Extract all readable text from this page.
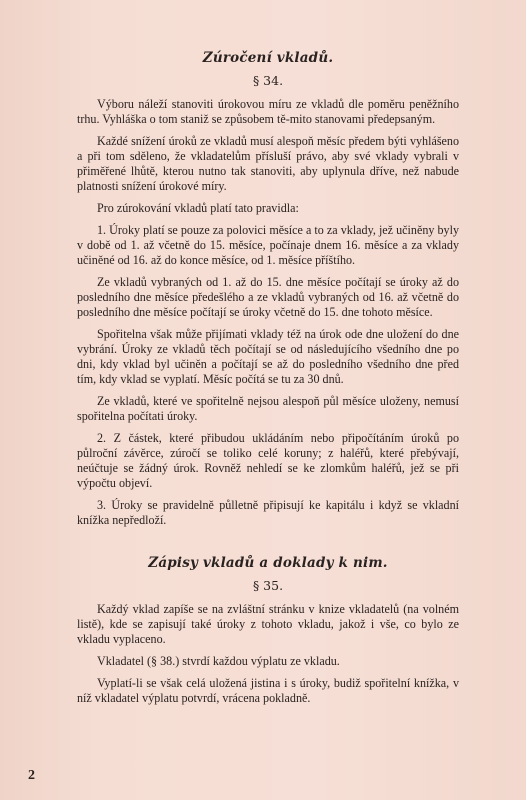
Zúročení vkladů.
§ 34.

Výboru náleží stanoviti úrokovou míru ze vkladů dle poměru peněžního trhu. Vyhláška o tom staniž se způsobem tě-mito stanovami předepsaným.

Každé snížení úroků ze vkladů musí alespoň měsíc předem býti vyhlášeno a při tom sděleno, že vkladatelům přísluší právo, aby své vklady vybrali v přiměřené lhůtě, kterou nutno tak stanoviti, aby uplynula dříve, než nabude platnosti snížení úrokové míry.

Pro zúrokování vkladů platí tato pravidla:

1. Úroky platí se pouze za polovici měsíce a to za vklady, jež učiněny byly v době od 1. až včetně do 15. měsíce, počínaje dnem 16. měsíce a za vklady učiněné od 16. až do konce měsíce, od 1. měsíce příštího.

Ze vkladů vybraných od 1. až do 15. dne měsíce počítají se úroky až do posledního dne měsíce předešlého a ze vkladů vybraných od 16. až včetně do posledního dne měsíce počítají se úroky včetně do 15. dne tohoto měsíce.

Spořitelna však může přijímati vklady též na úrok ode dne uložení do dne vybrání. Úroky ze vkladů těch počítají se od následujícího všedního dne po dni, kdy vklad byl učiněn a počítají se až do posledního všedního dne před tím, kdy vklad se vyplatí. Měsíc počítá se tu za 30 dnů.

Ze vkladů, které ve spořitelně nejsou alespoň půl měsíce uloženy, nemusí spořitelna počítati úroky.

2. Z částek, které přibudou ukládáním nebo připočítáním úroků po půlroční závěrce, zúročí se toliko celé koruny; z haléřů, které přebývají, neúčtuje se žádný úrok. Rovněž nehledí se ke zlomkům haléřů, jež se při výpočtu objeví.

3. Úroky se pravidelně půlletně připisují ke kapitálu i když se vkladní knížka nepředloží.

Zápisy vkladů a doklady k nim.
§ 35.

Každý vklad zapíše se na zvláštní stránku v knize vkladatelů (na volném listě), kde se zapisují také úroky z tohoto vkladu, jakož i vše, co bylo ze vkladu vyplaceno.

Vkladatel (§ 38.) stvrdí každou výplatu ze vkladu.

Vyplatí-li se však celá uložená jistina i s úroky, budiž spořitelní knížka, v níž vkladatel výplatu potvrdí, vrácena pokladně.

2
